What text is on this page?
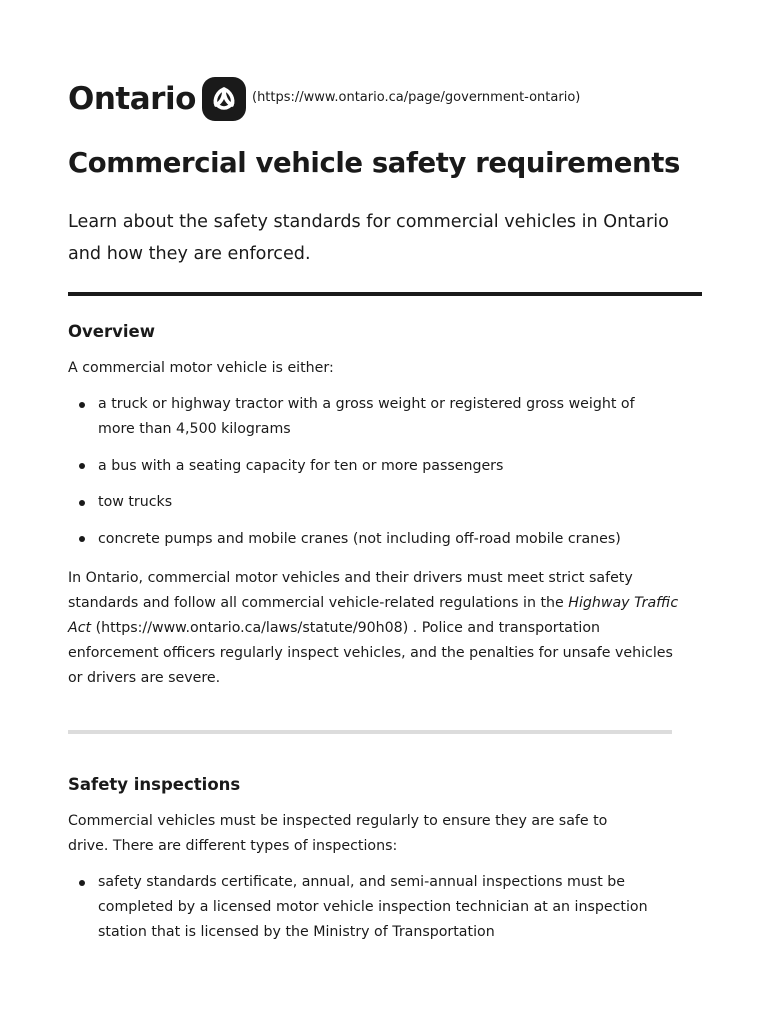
Ontario	(https://www.ontario.ca/page/government-ontario)
Commercial vehicle safety requirements

Learn about the safety standards for commercial vehicles in Ontario and how they are enforced.

Overview

A commercial motor vehicle is either:

a truck or highway tractor with a gross weight or registered gross weight of more than 4,500 kilograms
a bus with a seating capacity for ten or more passengers
tow trucks
concrete pumps and mobile cranes (not including off-road mobile cranes)

In Ontario, commercial motor vehicles and their drivers must meet strict safety
standards and follow all commercial vehicle-related regulations in the Highway Traffic
Act (https://www.ontario.ca/laws/statute/90h08) . Police and transportation
enforcement officers regularly inspect vehicles, and the penalties for unsafe vehicles
or drivers are severe.

Safety inspections

Commercial vehicles must be inspected regularly to ensure they are safe to drive. There are different types of inspections:

safety standards certificate, annual, and semi-annual inspections must be completed by a licensed motor vehicle inspection technician at an inspection station that is licensed by the Ministry of Transportation
